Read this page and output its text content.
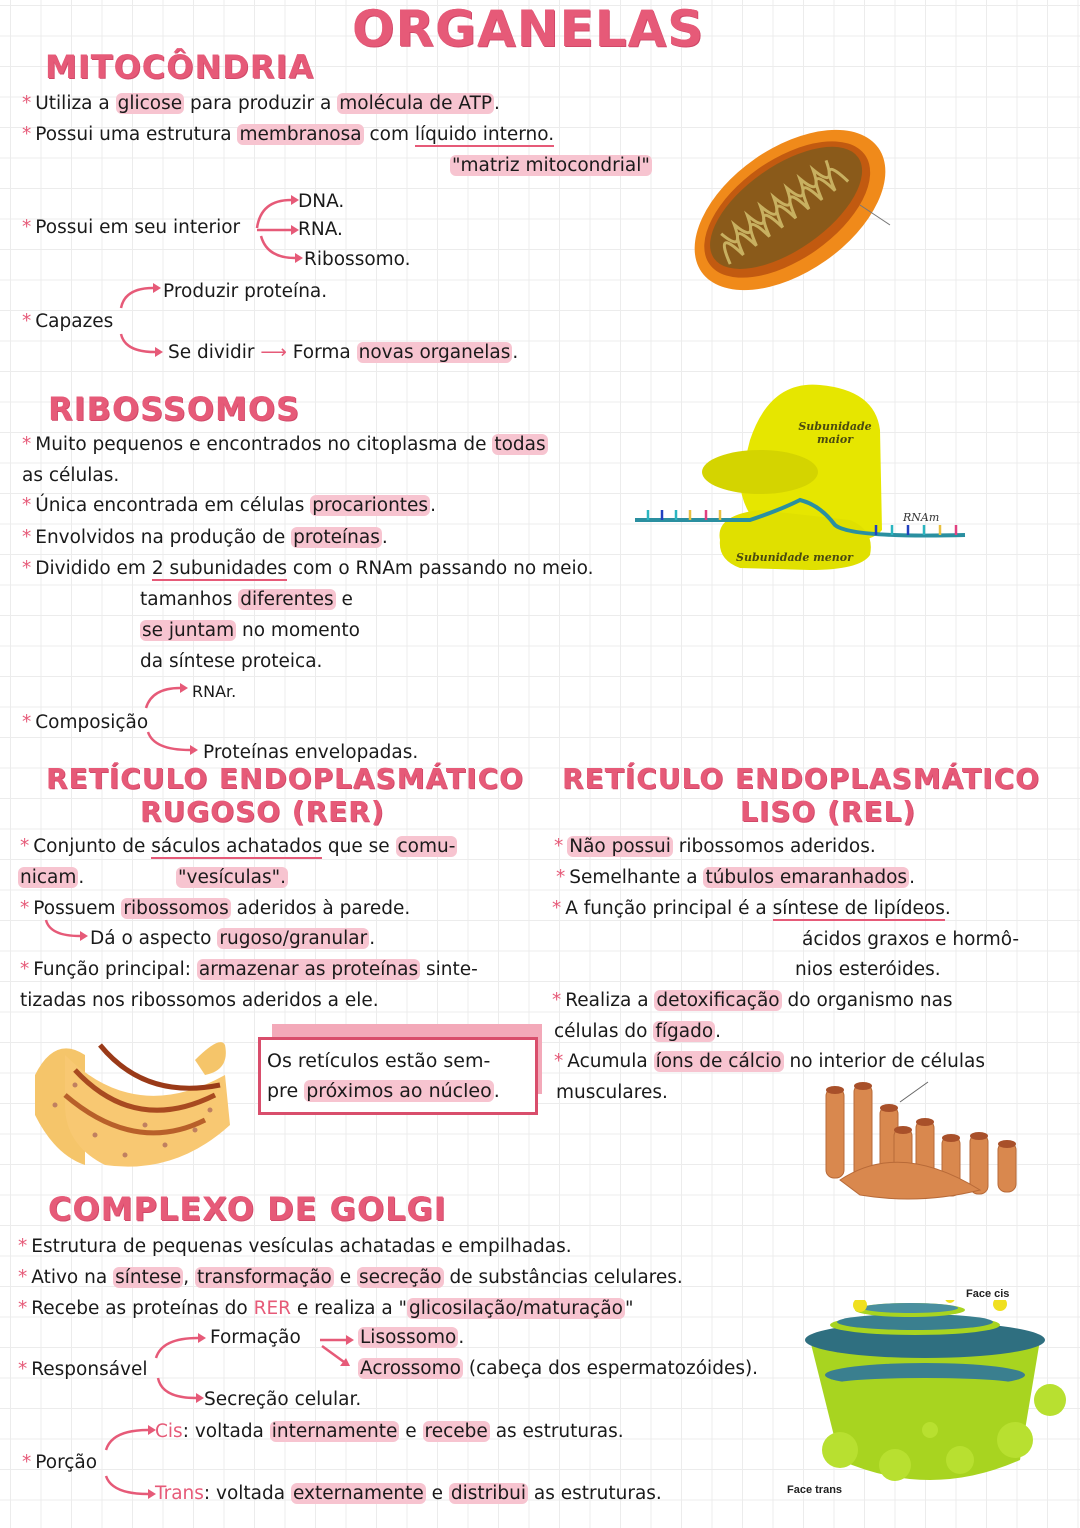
ORGANELAS
MITOCÔNDRIA
* Utiliza a glicose para produzir a molécula de ATP .
* Possui uma estrutura membranosa com líquido interno.
"matriz mitocondrial"
* Possui em seu interior
DNA.
RNA.
Ribossomo.
* Capazes
Produzir proteína.
Se dividir ⟶ Forma novas organelas .
RIBOSSOMOS
* Muito pequenos e encontrados no citoplasma de todas
as células.
* Única encontrada em células procariontes .
* Envolvidos na produção de proteínas .
* Dividido em 2 subunidades com o RNAm passando no meio.
tamanhos diferentes e
se juntam no momento
da síntese proteica.
* Composição
RNAr.
Proteínas envelopadas.
Subunidade maior
Subunidade menor
RNAm
RETÍCULO ENDOPLASMÁTICO
RUGOSO (RER)
* Conjunto de sáculos achatados que se comu-
nicam .	"vesículas".
* Possuem ribossomos aderidos à parede.
Dá o aspecto rugoso/granular .
* Função principal: armazenar as proteínas sinte-
tizadas nos ribossomos aderidos a ele.
Os retículos estão sem-
pre próximos ao núcleo .
RETÍCULO ENDOPLASMÁTICO
LISO (REL)
* Não possui ribossomos aderidos.
* Semelhante a túbulos emaranhados .
* A função principal é a síntese de lipídeos.
ácidos graxos e hormô-
nios esteróides.
* Realiza a detoxificação do organismo nas
células do fígado .
* Acumula íons de cálcio no interior de células
musculares.
COMPLEXO DE GOLGI
* Estrutura de pequenas vesículas achatadas e empilhadas.
* Ativo na síntese , transformação e secreção de substâncias celulares.
* Recebe as proteínas do RER e realiza a " glicosilação/maturação "
* Responsável
Formação	Lisossomo .
Acrossomo (cabeça dos espermatozóides).
Secreção celular.
* Porção
Cis: voltada internamente e recebe as estruturas.
Trans: voltada externamente e distribui as estruturas.
Face cis
Face trans
